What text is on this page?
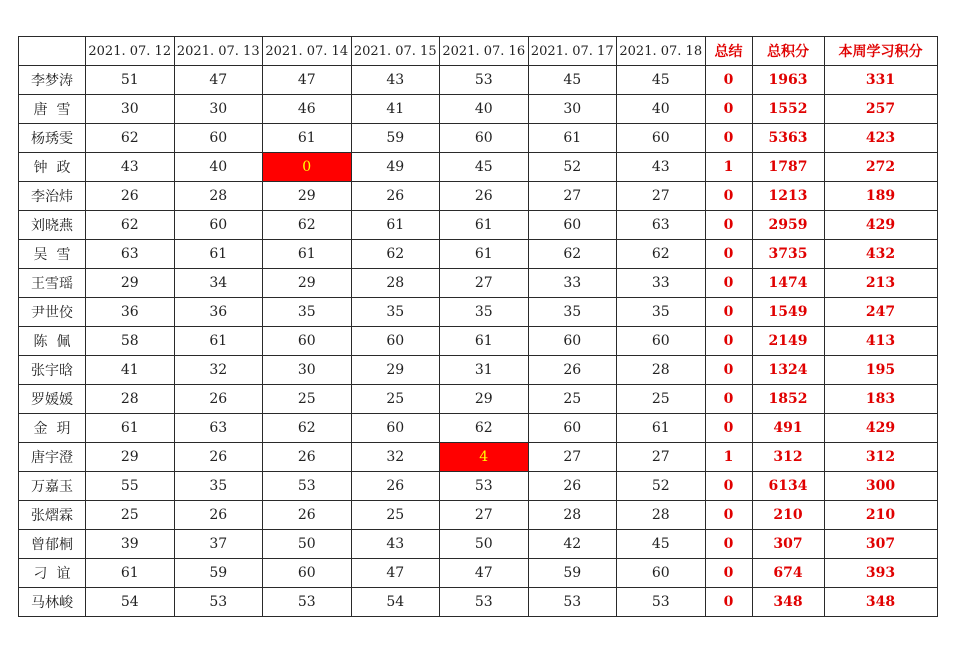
	2021. 07. 12	2021. 07. 13	2021. 07. 14	2021. 07. 15	2021. 07. 16	2021. 07. 17	2021. 07. 18	总结	总积分	本周学习积分
李梦涛	51	47	47	43	53	45	45	0	1963	331
唐  雪	30	30	46	41	40	30	40	0	1552	257
杨琇雯	62	60	61	59	60	61	60	0	5363	423
钟  政	43	40	0	49	45	52	43	1	1787	272
李治炜	26	28	29	26	26	27	27	0	1213	189
刘晓燕	62	60	62	61	61	60	63	0	2959	429
吴  雪	63	61	61	62	61	62	62	0	3735	432
王雪瑶	29	34	29	28	27	33	33	0	1474	213
尹世佼	36	36	35	35	35	35	35	0	1549	247
陈  佩	58	61	60	60	61	60	60	0	2149	413
张宇晗	41	32	30	29	31	26	28	0	1324	195
罗媛媛	28	26	25	25	29	25	25	0	1852	183
金  玥	61	63	62	60	62	60	61	0	491	429
唐宇澄	29	26	26	32	4	27	27	1	312	312
万嘉玉	55	35	53	26	53	26	52	0	6134	300
张熠霖	25	26	26	25	27	28	28	0	210	210
曾郁桐	39	37	50	43	50	42	45	0	307	307
刁  谊	61	59	60	47	47	59	60	0	674	393
马林峻	54	53	53	54	53	53	53	0	348	348
